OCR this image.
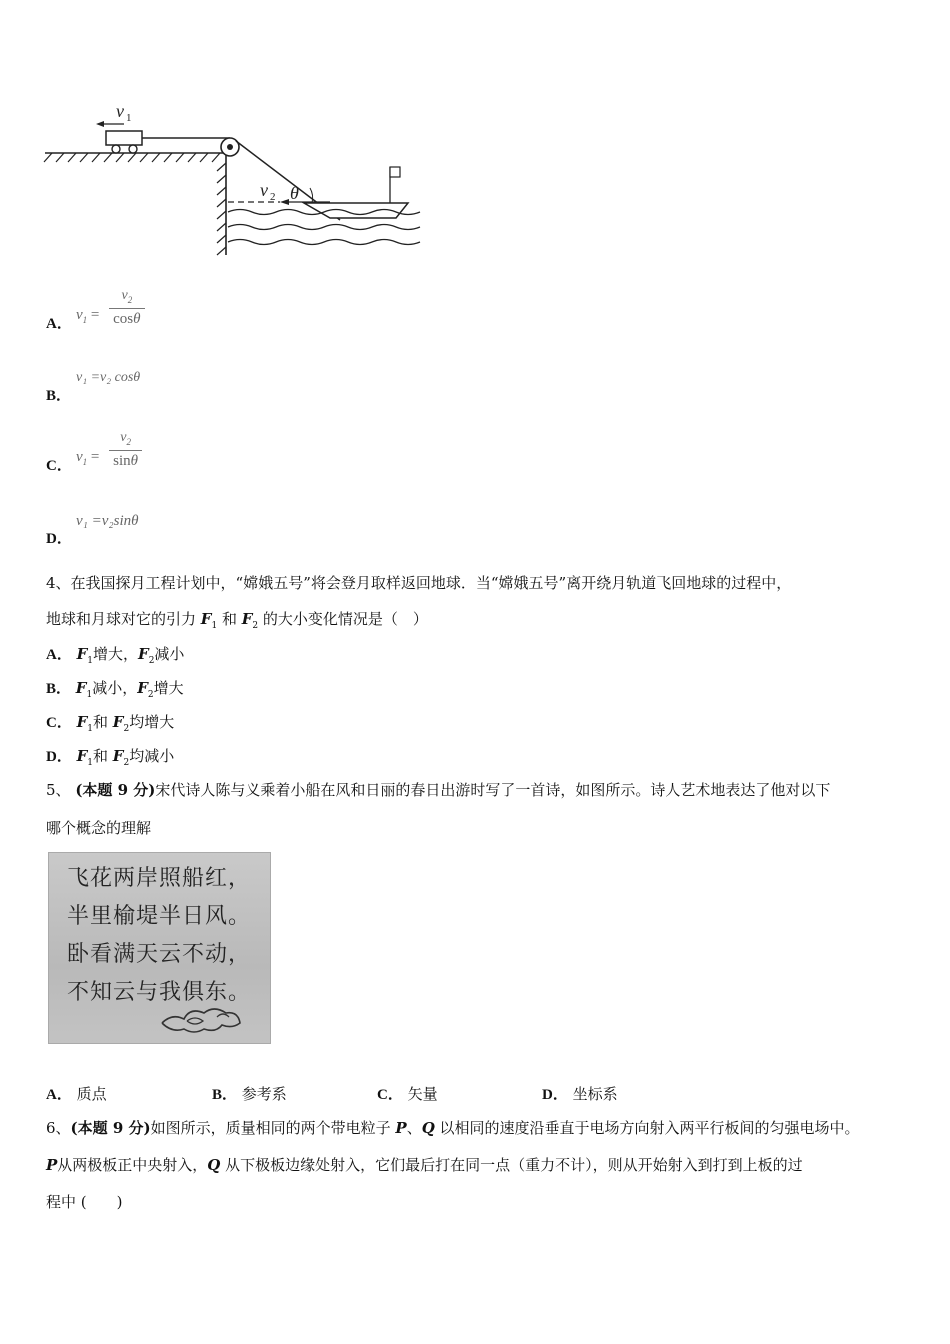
v 1
v 2 θ
A．
$v_1 = \frac{v_2}{\cos\theta}$
B．
v₁ =v₂ cosθ
C．
$v_1 = \frac{v_2}{\sin\theta}$
D．
v₁ =v₂sinθ
4、在我国探月工程计划中，“嫦娥五号”将会登月取样返回地球．当“嫦娥五号”离开绕月轨道飞回地球的过程中，
地球和月球对它的引力 $F_1$ 和 $F_2$ 的大小变化情况是（　）
A． $F_1$增大，$F_2$减小
B． $F_1$减小，$F_2$增大
C． $F_1$和 $F_2$均增大
D． $F_1$和 $F_2$均减小
5、 (本题 9 分)宋代诗人陈与义乘着小船在风和日丽的春日出游时写了一首诗，如图所示。诗人艺术地表达了他对以下
哪个概念的理解
飞花两岸照船红，
半里榆堤半日风。
卧看满天云不动，
不知云与我俱东。
A． 质点	B． 参考系	C． 矢量	D． 坐标系
6、(本题 9 分)如图所示，质量相同的两个带电粒子 P、Q 以相同的速度沿垂直于电场方向射入两平行板间的匀强电场中。
P从两极板正中央射入，Q 从下极板边缘处射入，它们最后打在同一点（重力不计），则从开始射入到打到上板的过
程中 (　　)
